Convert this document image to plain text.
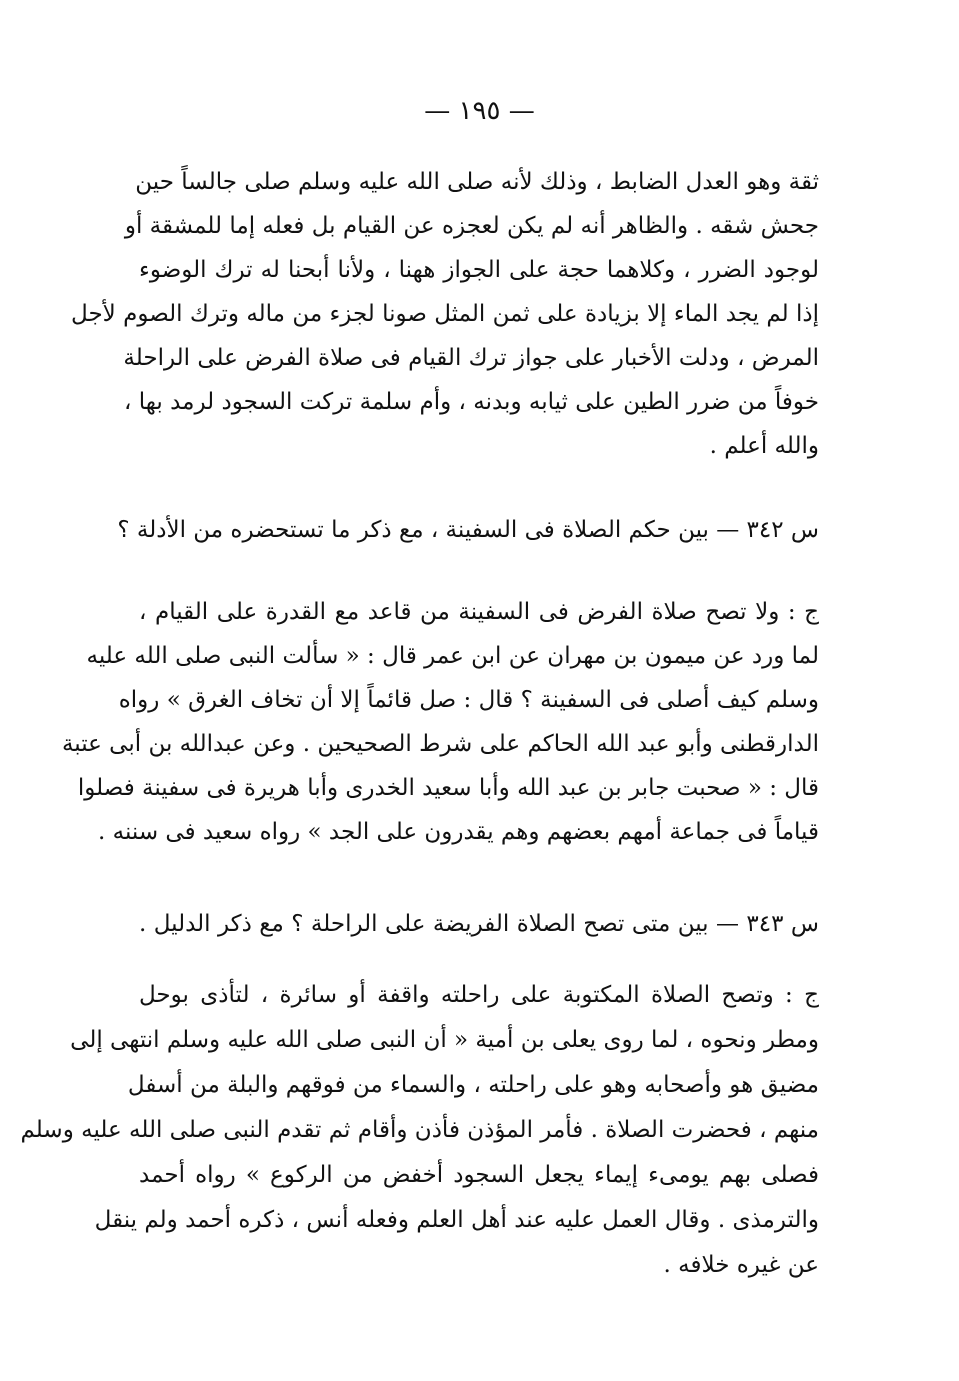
— ١٩٥ —
ثقة وهو العدل الضابط ، وذلك لأنه صلى الله عليه وسلم صلى جالساً حين
جحش شقه . والظاهر أنه لم يكن لعجزه عن القيام بل فعله إما للمشقة أو
لوجود الضرر ، وكلاهما حجة على الجواز ههنا ، ولأنا أبحنا له ترك الوضوء
إذا لم يجد الماء إلا بزيادة على ثمن المثل صونا لجزء من ماله وترك الصوم لأجل
المرض ، ودلت الأخبار على جواز ترك القيام فى صلاة الفرض على الراحلة
خوفاً من ضرر الطين على ثيابه وبدنه ، وأم سلمة تركت السجود لرمد بها ،
والله أعلم .
س ٣٤٢ — بين حكم الصلاة فى السفينة ، مع ذكر ما تستحضره من الأدلة ؟
ج : ولا تصح صلاة الفرض فى السفينة من قاعد مع القدرة على القيام ،
لما ورد عن ميمون بن مهران عن ابن عمر قال : « سألت النبى صلى الله عليه
وسلم كيف أصلى فى السفينة ؟ قال : صل قائماً إلا أن تخاف الغرق » رواه
الدارقطنى وأبو عبد الله الحاكم على شرط الصحيحين . وعن عبدالله بن أبى عتبة
قال : « صحبت جابر بن عبد الله وأبا سعيد الخدرى وأبا هريرة فى سفينة فصلوا
قياماً فى جماعة أمهم بعضهم وهم يقدرون على الجد » رواه سعيد فى سننه .
س ٣٤٣ — بين متى تصح الصلاة الفريضة على الراحلة ؟ مع ذكر الدليل .
ج : وتصح الصلاة المكتوبة على راحلته واقفة أو سائرة ، لتأذى بوحل
ومطر ونحوه ، لما روى يعلى بن أمية « أن النبى صلى الله عليه وسلم انتهى إلى
مضيق هو وأصحابه وهو على راحلته ، والسماء من فوقهم والبلة من أسفل
منهم ، فحضرت الصلاة . فأمر المؤذن فأذن وأقام ثم تقدم النبى صلى الله عليه وسلم
فصلى بهم يومىء إيماء يجعل السجود أخفض من الركوع » رواه أحمد
والترمذى . وقال العمل عليه عند أهل العلم وفعله أنس ، ذكره أحمد ولم ينقل
عن غيره خلافه .
